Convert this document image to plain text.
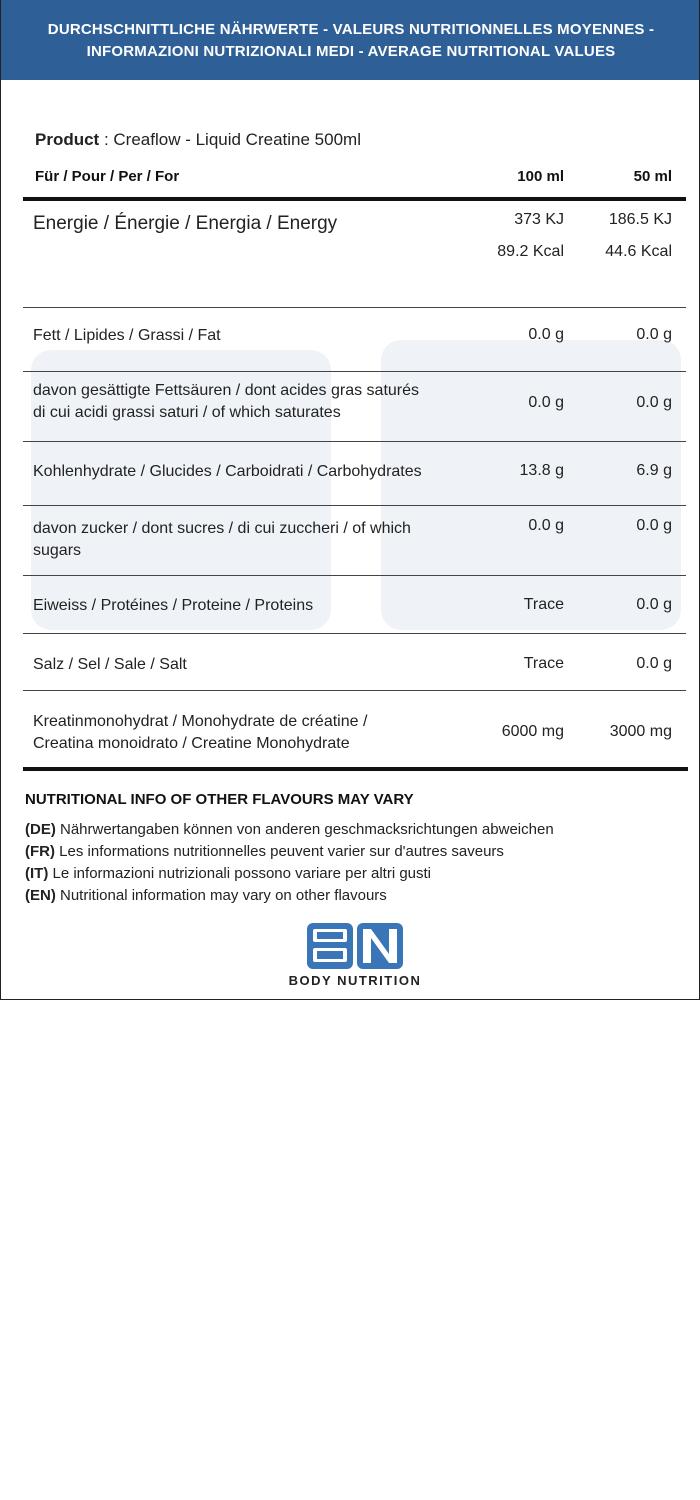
DURCHSCHNITTLICHE NÄHRWERTE - VALEURS NUTRITIONNELLES MOYENNES -
INFORMAZIONI NUTRIZIONALI MEDI - AVERAGE NUTRITIONAL VALUES
Product : Creaflow - Liquid Creatine 500ml
Für / Pour / Per / For	100 ml	50 ml
Energie / Énergie / Energia / Energy	373 KJ	186.5 KJ
89.2 Kcal	44.6 Kcal
Fett / Lipides / Grassi / Fat	0.0 g	0.0 g
davon gesättigte Fettsäuren / dont acides gras saturés
di cui acidi grassi saturi / of which saturates
0.0 g	0.0 g
Kohlenhydrate / Glucides / Carboidrati / Carbohydrates	13.8 g	6.9 g
davon zucker / dont sucres / di cui zuccheri / of which
sugars
0.0 g	0.0 g
Eiweiss / Protéines / Proteine / Proteins	Trace	0.0 g
Salz / Sel / Sale / Salt	Trace	0.0 g
Kreatinmonohydrat / Monohydrate de créatine /
Creatina monoidrato / Creatine Monohydrate
6000 mg	3000 mg
NUTRITIONAL INFO OF OTHER FLAVOURS MAY VARY
(DE) Nährwertangaben können von anderen geschmacksrichtungen abweichen
(FR) Les informations nutritionnelles peuvent varier sur d'autres saveurs
(IT) Le informazioni nutrizionali possono variare per altri gusti
(EN) Nutritional information may vary on other flavours
BODY NUTRITION
